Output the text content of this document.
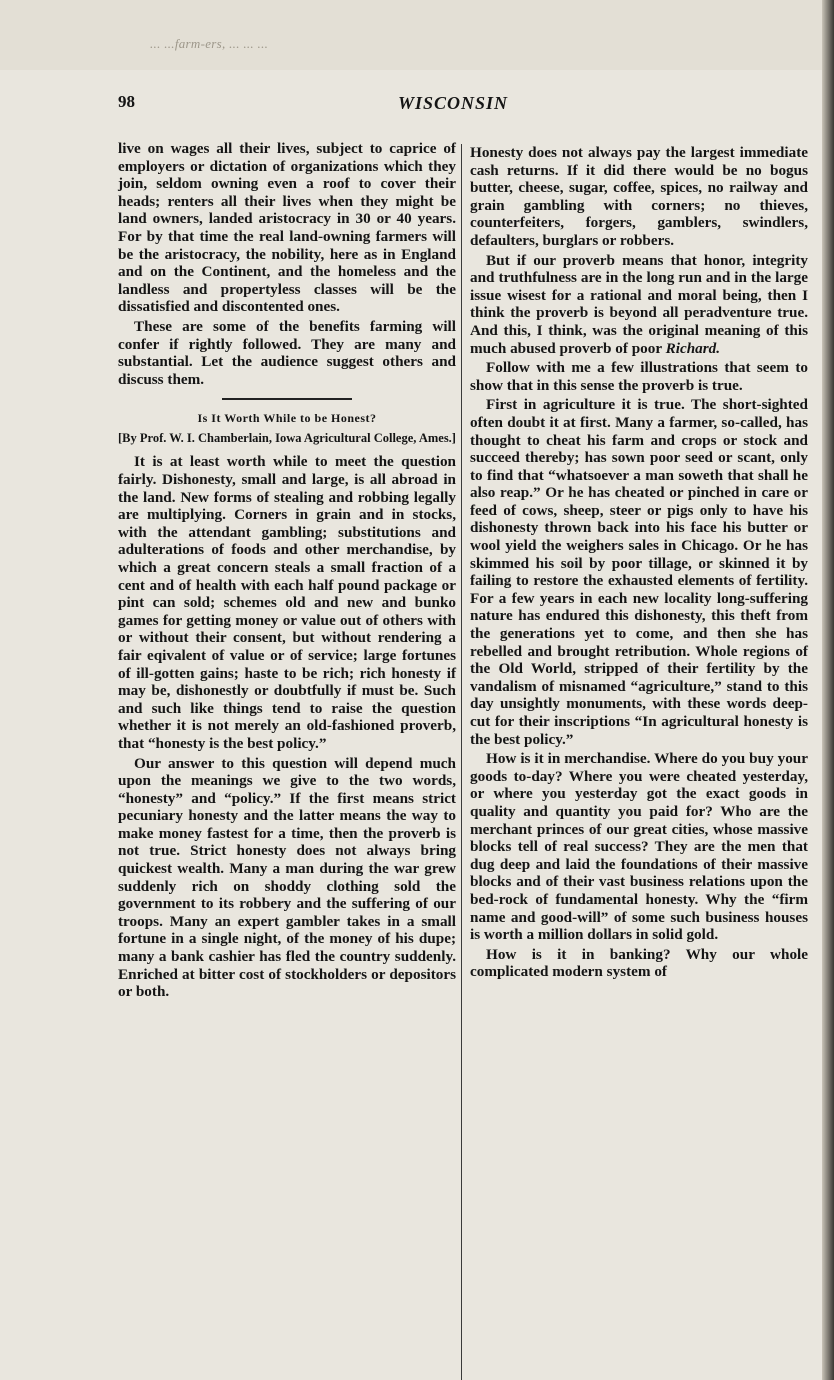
... ...farm-ers, ... ... ...
98	WISCONSIN

live on wages all their lives, subject to caprice of employers or dictation of organizations which they join, seldom owning even a roof to cover their heads; renters all their lives when they might be land owners, landed aristocracy in 30 or 40 years. For by that time the real land-owning farmers will be the aristocracy, the nobility, here as in England and on the Continent, and the homeless and the landless and propertyless classes will be the dissatisfied and discontented ones.

These are some of the benefits farming will confer if rightly followed. They are many and substantial. Let the audience suggest others and discuss them.

Is It Worth While to be Honest?
[By Prof. W. I. Chamberlain, Iowa Agricultural College, Ames.]

It is at least worth while to meet the question fairly. Dishonesty, small and large, is all abroad in the land. New forms of stealing and robbing legally are multiplying. Corners in grain and in stocks, with the attendant gambling; substitutions and adulterations of foods and other merchandise, by which a great concern steals a small fraction of a cent and of health with each half pound package or pint can sold; schemes old and new and bunko games for getting money or value out of others with or without their consent, but without rendering a fair eqivalent of value or of service; large fortunes of ill-gotten gains; haste to be rich; rich honesty if may be, dishonestly or doubtfully if must be. Such and such like things tend to raise the question whether it is not merely an old-fashioned proverb, that “honesty is the best policy.”

Our answer to this question will depend much upon the meanings we give to the two words, “honesty” and “policy.” If the first means strict pecuniary honesty and the latter means the way to make money fastest for a time, then the proverb is not true. Strict honesty does not always bring quickest wealth. Many a man during the war grew suddenly rich on shoddy clothing sold the government to its robbery and the suffering of our troops. Many an expert gambler takes in a small fortune in a single night, of the money of his dupe; many a bank cashier has fled the country suddenly. Enriched at bitter cost of stockholders or depositors or both.

Honesty does not always pay the largest immediate cash returns. If it did there would be no bogus butter, cheese, sugar, coffee, spices, no railway and grain gambling with corners; no thieves, counterfeiters, forgers, gamblers, swindlers, defaulters, burglars or robbers.

But if our proverb means that honor, integrity and truthfulness are in the long run and in the large issue wisest for a rational and moral being, then I think the proverb is beyond all peradventure true. And this, I think, was the original meaning of this much abused proverb of poor Richard.

Follow with me a few illustrations that seem to show that in this sense the proverb is true.

First in agriculture it is true. The short-sighted often doubt it at first. Many a farmer, so-called, has thought to cheat his farm and crops or stock and succeed thereby; has sown poor seed or scant, only to find that “whatsoever a man soweth that shall he also reap.” Or he has cheated or pinched in care or feed of cows, sheep, steer or pigs only to have his dishonesty thrown back into his face his butter or wool yield the weighers sales in Chicago. Or he has skimmed his soil by poor tillage, or skinned it by failing to restore the exhausted elements of fertility. For a few years in each new locality long-suffering nature has endured this dishonesty, this theft from the generations yet to come, and then she has rebelled and brought retribution. Whole regions of the Old World, stripped of their fertility by the vandalism of misnamed “agriculture,” stand to this day unsightly monuments, with these words deep-cut for their inscriptions “In agricultural honesty is the best policy.”

How is it in merchandise. Where do you buy your goods to-day? Where you were cheated yesterday, or where you yesterday got the exact goods in quality and quantity you paid for? Who are the merchant princes of our great cities, whose massive blocks tell of real success? They are the men that dug deep and laid the foundations of their massive blocks and of their vast business relations upon the bed-rock of fundamental honesty. Why the “firm name and good-will” of some such business houses is worth a million dollars in solid gold.

How is it in banking? Why our whole complicated modern system of
